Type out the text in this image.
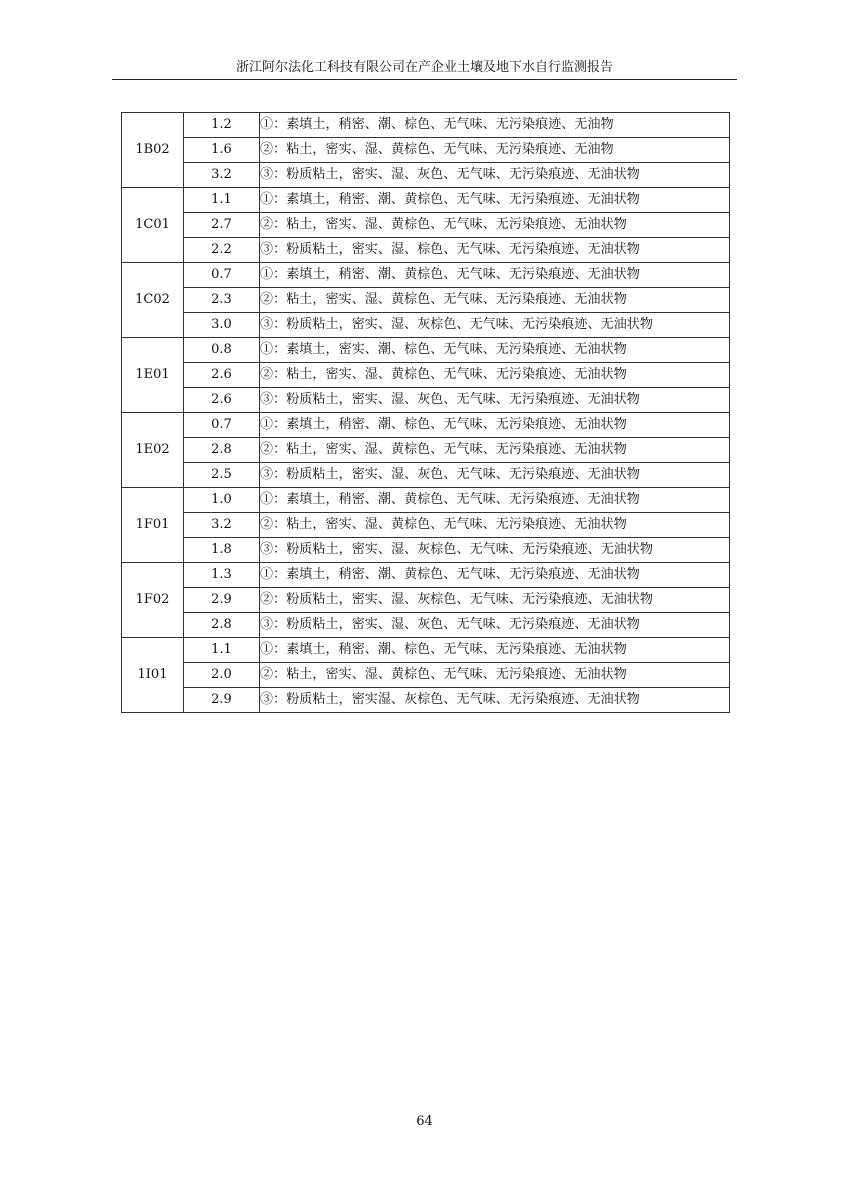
浙江阿尔法化工科技有限公司在产企业土壤及地下水自行监测报告
1B02	1.2	①：素填土，稍密、潮、棕色、无气味、无污染痕迹、无油物
	1.6	②：粘土，密实、湿、黄棕色、无气味、无污染痕迹、无油物
	3.2	③：粉质粘土，密实、湿、灰色、无气味、无污染痕迹、无油状物
1C01	1.1	①：素填土，稍密、潮、黄棕色、无气味、无污染痕迹、无油状物
	2.7	②：粘土，密实、湿、黄棕色、无气味、无污染痕迹、无油状物
	2.2	③：粉质粘土，密实、湿、棕色、无气味、无污染痕迹、无油状物
1C02	0.7	①：素填土，稍密、潮、黄棕色、无气味、无污染痕迹、无油状物
	2.3	②：粘土，密实、湿、黄棕色、无气味、无污染痕迹、无油状物
	3.0	③：粉质粘土，密实、湿、灰棕色、无气味、无污染痕迹、无油状物
1E01	0.8	①：素填土，密实、潮、棕色、无气味、无污染痕迹、无油状物
	2.6	②：粘土，密实、湿、黄棕色、无气味、无污染痕迹、无油状物
	2.6	③：粉质粘土，密实、湿、灰色、无气味、无污染痕迹、无油状物
1E02	0.7	①：素填土，稍密、潮、棕色、无气味、无污染痕迹、无油状物
	2.8	②：粘土，密实、湿、黄棕色、无气味、无污染痕迹、无油状物
	2.5	③：粉质粘土，密实、湿、灰色、无气味、无污染痕迹、无油状物
1F01	1.0	①：素填土，稍密、潮、黄棕色、无气味、无污染痕迹、无油状物
	3.2	②：粘土，密实、湿、黄棕色、无气味、无污染痕迹、无油状物
	1.8	③：粉质粘土，密实、湿、灰棕色、无气味、无污染痕迹、无油状物
1F02	1.3	①：素填土，稍密、潮、黄棕色、无气味、无污染痕迹、无油状物
	2.9	②：粉质粘土，密实、湿、灰棕色、无气味、无污染痕迹、无油状物
	2.8	③：粉质粘土，密实、湿、灰色、无气味、无污染痕迹、无油状物
1I01	1.1	①：素填土，稍密、潮、棕色、无气味、无污染痕迹、无油状物
	2.0	②：粘土，密实、湿、黄棕色、无气味、无污染痕迹、无油状物
	2.9	③：粉质粘土，密实湿、灰棕色、无气味、无污染痕迹、无油状物
64
